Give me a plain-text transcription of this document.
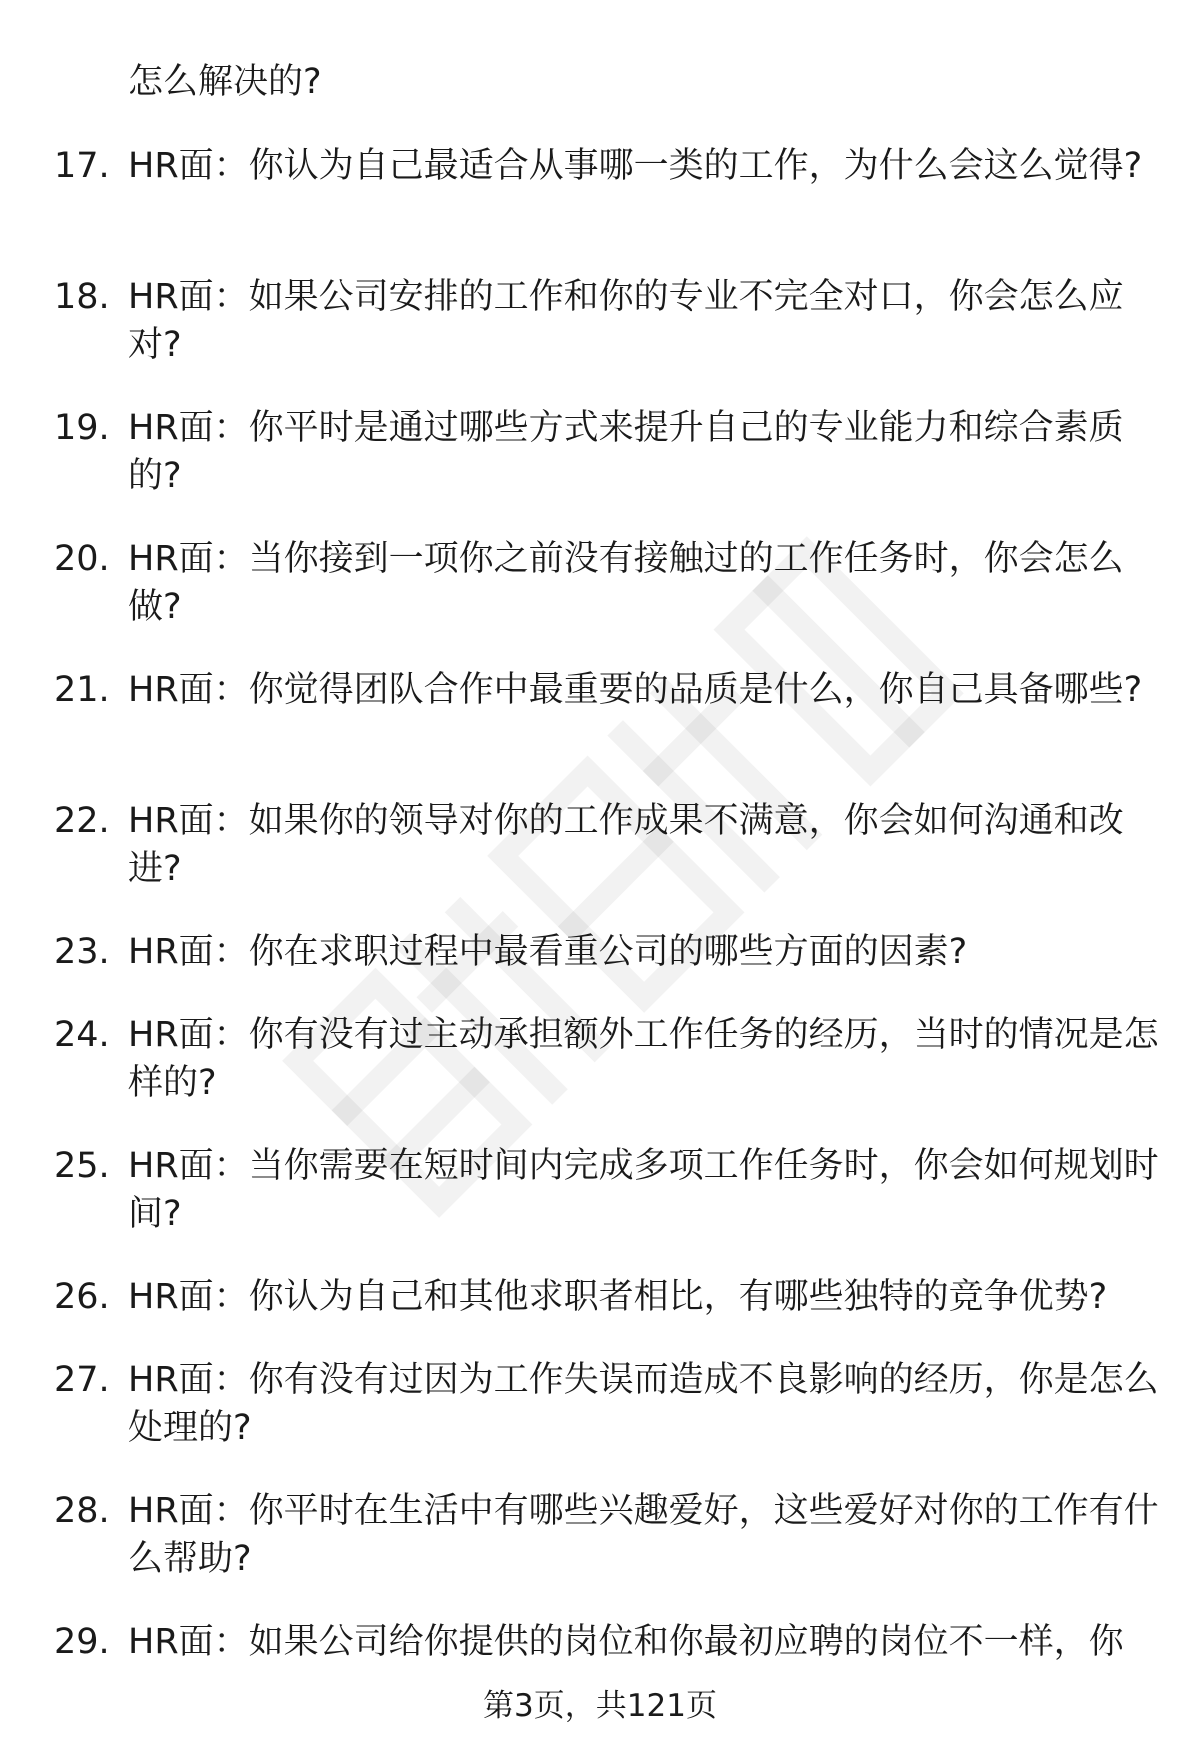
怎么解决的?
17. HR面：你认为自己最适合从事哪一类的工作，为什么会这么觉得?
18. HR面：如果公司安排的工作和你的专业不完全对口，你会怎么应对?
19. HR面：你平时是通过哪些方式来提升自己的专业能力和综合素质的?
20. HR面：当你接到一项你之前没有接触过的工作任务时，你会怎么做?
21. HR面：你觉得团队合作中最重要的品质是什么，你自己具备哪些?
22. HR面：如果你的领导对你的工作成果不满意，你会如何沟通和改进?
23. HR面：你在求职过程中最看重公司的哪些方面的因素?
24. HR面：你有没有过主动承担额外工作任务的经历，当时的情况是怎样的?
25. HR面：当你需要在短时间内完成多项工作任务时，你会如何规划时间?
26. HR面：你认为自己和其他求职者相比，有哪些独特的竞争优势?
27. HR面：你有没有过因为工作失误而造成不良影响的经历，你是怎么处理的?
28. HR面：你平时在生活中有哪些兴趣爱好，这些爱好对你的工作有什么帮助?
29. HR面：如果公司给你提供的岗位和你最初应聘的岗位不一样，你
第3页，共121页
